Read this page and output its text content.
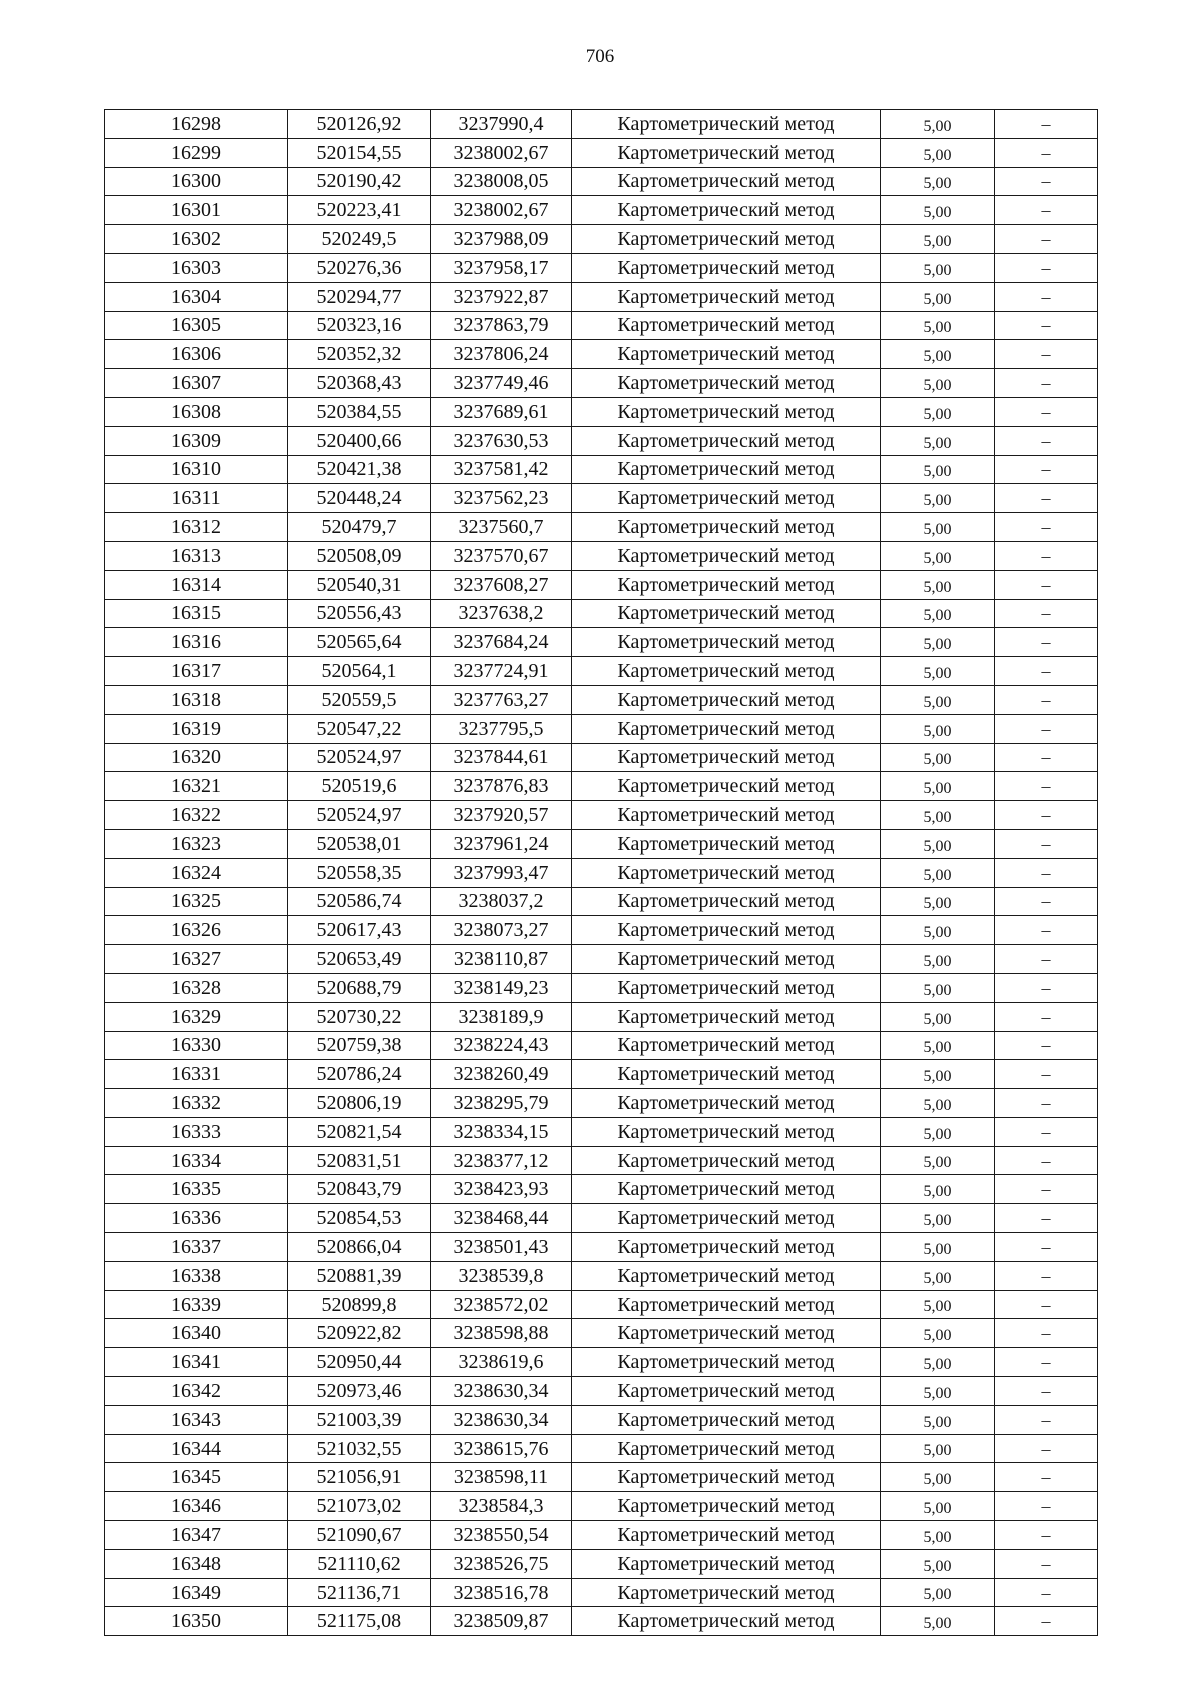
706
16298	520126,92	3237990,4	Картометрический метод	5,00	–
16299	520154,55	3238002,67	Картометрический метод	5,00	–
16300	520190,42	3238008,05	Картометрический метод	5,00	–
16301	520223,41	3238002,67	Картометрический метод	5,00	–
16302	520249,5	3237988,09	Картометрический метод	5,00	–
16303	520276,36	3237958,17	Картометрический метод	5,00	–
16304	520294,77	3237922,87	Картометрический метод	5,00	–
16305	520323,16	3237863,79	Картометрический метод	5,00	–
16306	520352,32	3237806,24	Картометрический метод	5,00	–
16307	520368,43	3237749,46	Картометрический метод	5,00	–
16308	520384,55	3237689,61	Картометрический метод	5,00	–
16309	520400,66	3237630,53	Картометрический метод	5,00	–
16310	520421,38	3237581,42	Картометрический метод	5,00	–
16311	520448,24	3237562,23	Картометрический метод	5,00	–
16312	520479,7	3237560,7	Картометрический метод	5,00	–
16313	520508,09	3237570,67	Картометрический метод	5,00	–
16314	520540,31	3237608,27	Картометрический метод	5,00	–
16315	520556,43	3237638,2	Картометрический метод	5,00	–
16316	520565,64	3237684,24	Картометрический метод	5,00	–
16317	520564,1	3237724,91	Картометрический метод	5,00	–
16318	520559,5	3237763,27	Картометрический метод	5,00	–
16319	520547,22	3237795,5	Картометрический метод	5,00	–
16320	520524,97	3237844,61	Картометрический метод	5,00	–
16321	520519,6	3237876,83	Картометрический метод	5,00	–
16322	520524,97	3237920,57	Картометрический метод	5,00	–
16323	520538,01	3237961,24	Картометрический метод	5,00	–
16324	520558,35	3237993,47	Картометрический метод	5,00	–
16325	520586,74	3238037,2	Картометрический метод	5,00	–
16326	520617,43	3238073,27	Картометрический метод	5,00	–
16327	520653,49	3238110,87	Картометрический метод	5,00	–
16328	520688,79	3238149,23	Картометрический метод	5,00	–
16329	520730,22	3238189,9	Картометрический метод	5,00	–
16330	520759,38	3238224,43	Картометрический метод	5,00	–
16331	520786,24	3238260,49	Картометрический метод	5,00	–
16332	520806,19	3238295,79	Картометрический метод	5,00	–
16333	520821,54	3238334,15	Картометрический метод	5,00	–
16334	520831,51	3238377,12	Картометрический метод	5,00	–
16335	520843,79	3238423,93	Картометрический метод	5,00	–
16336	520854,53	3238468,44	Картометрический метод	5,00	–
16337	520866,04	3238501,43	Картометрический метод	5,00	–
16338	520881,39	3238539,8	Картометрический метод	5,00	–
16339	520899,8	3238572,02	Картометрический метод	5,00	–
16340	520922,82	3238598,88	Картометрический метод	5,00	–
16341	520950,44	3238619,6	Картометрический метод	5,00	–
16342	520973,46	3238630,34	Картометрический метод	5,00	–
16343	521003,39	3238630,34	Картометрический метод	5,00	–
16344	521032,55	3238615,76	Картометрический метод	5,00	–
16345	521056,91	3238598,11	Картометрический метод	5,00	–
16346	521073,02	3238584,3	Картометрический метод	5,00	–
16347	521090,67	3238550,54	Картометрический метод	5,00	–
16348	521110,62	3238526,75	Картометрический метод	5,00	–
16349	521136,71	3238516,78	Картометрический метод	5,00	–
16350	521175,08	3238509,87	Картометрический метод	5,00	–
